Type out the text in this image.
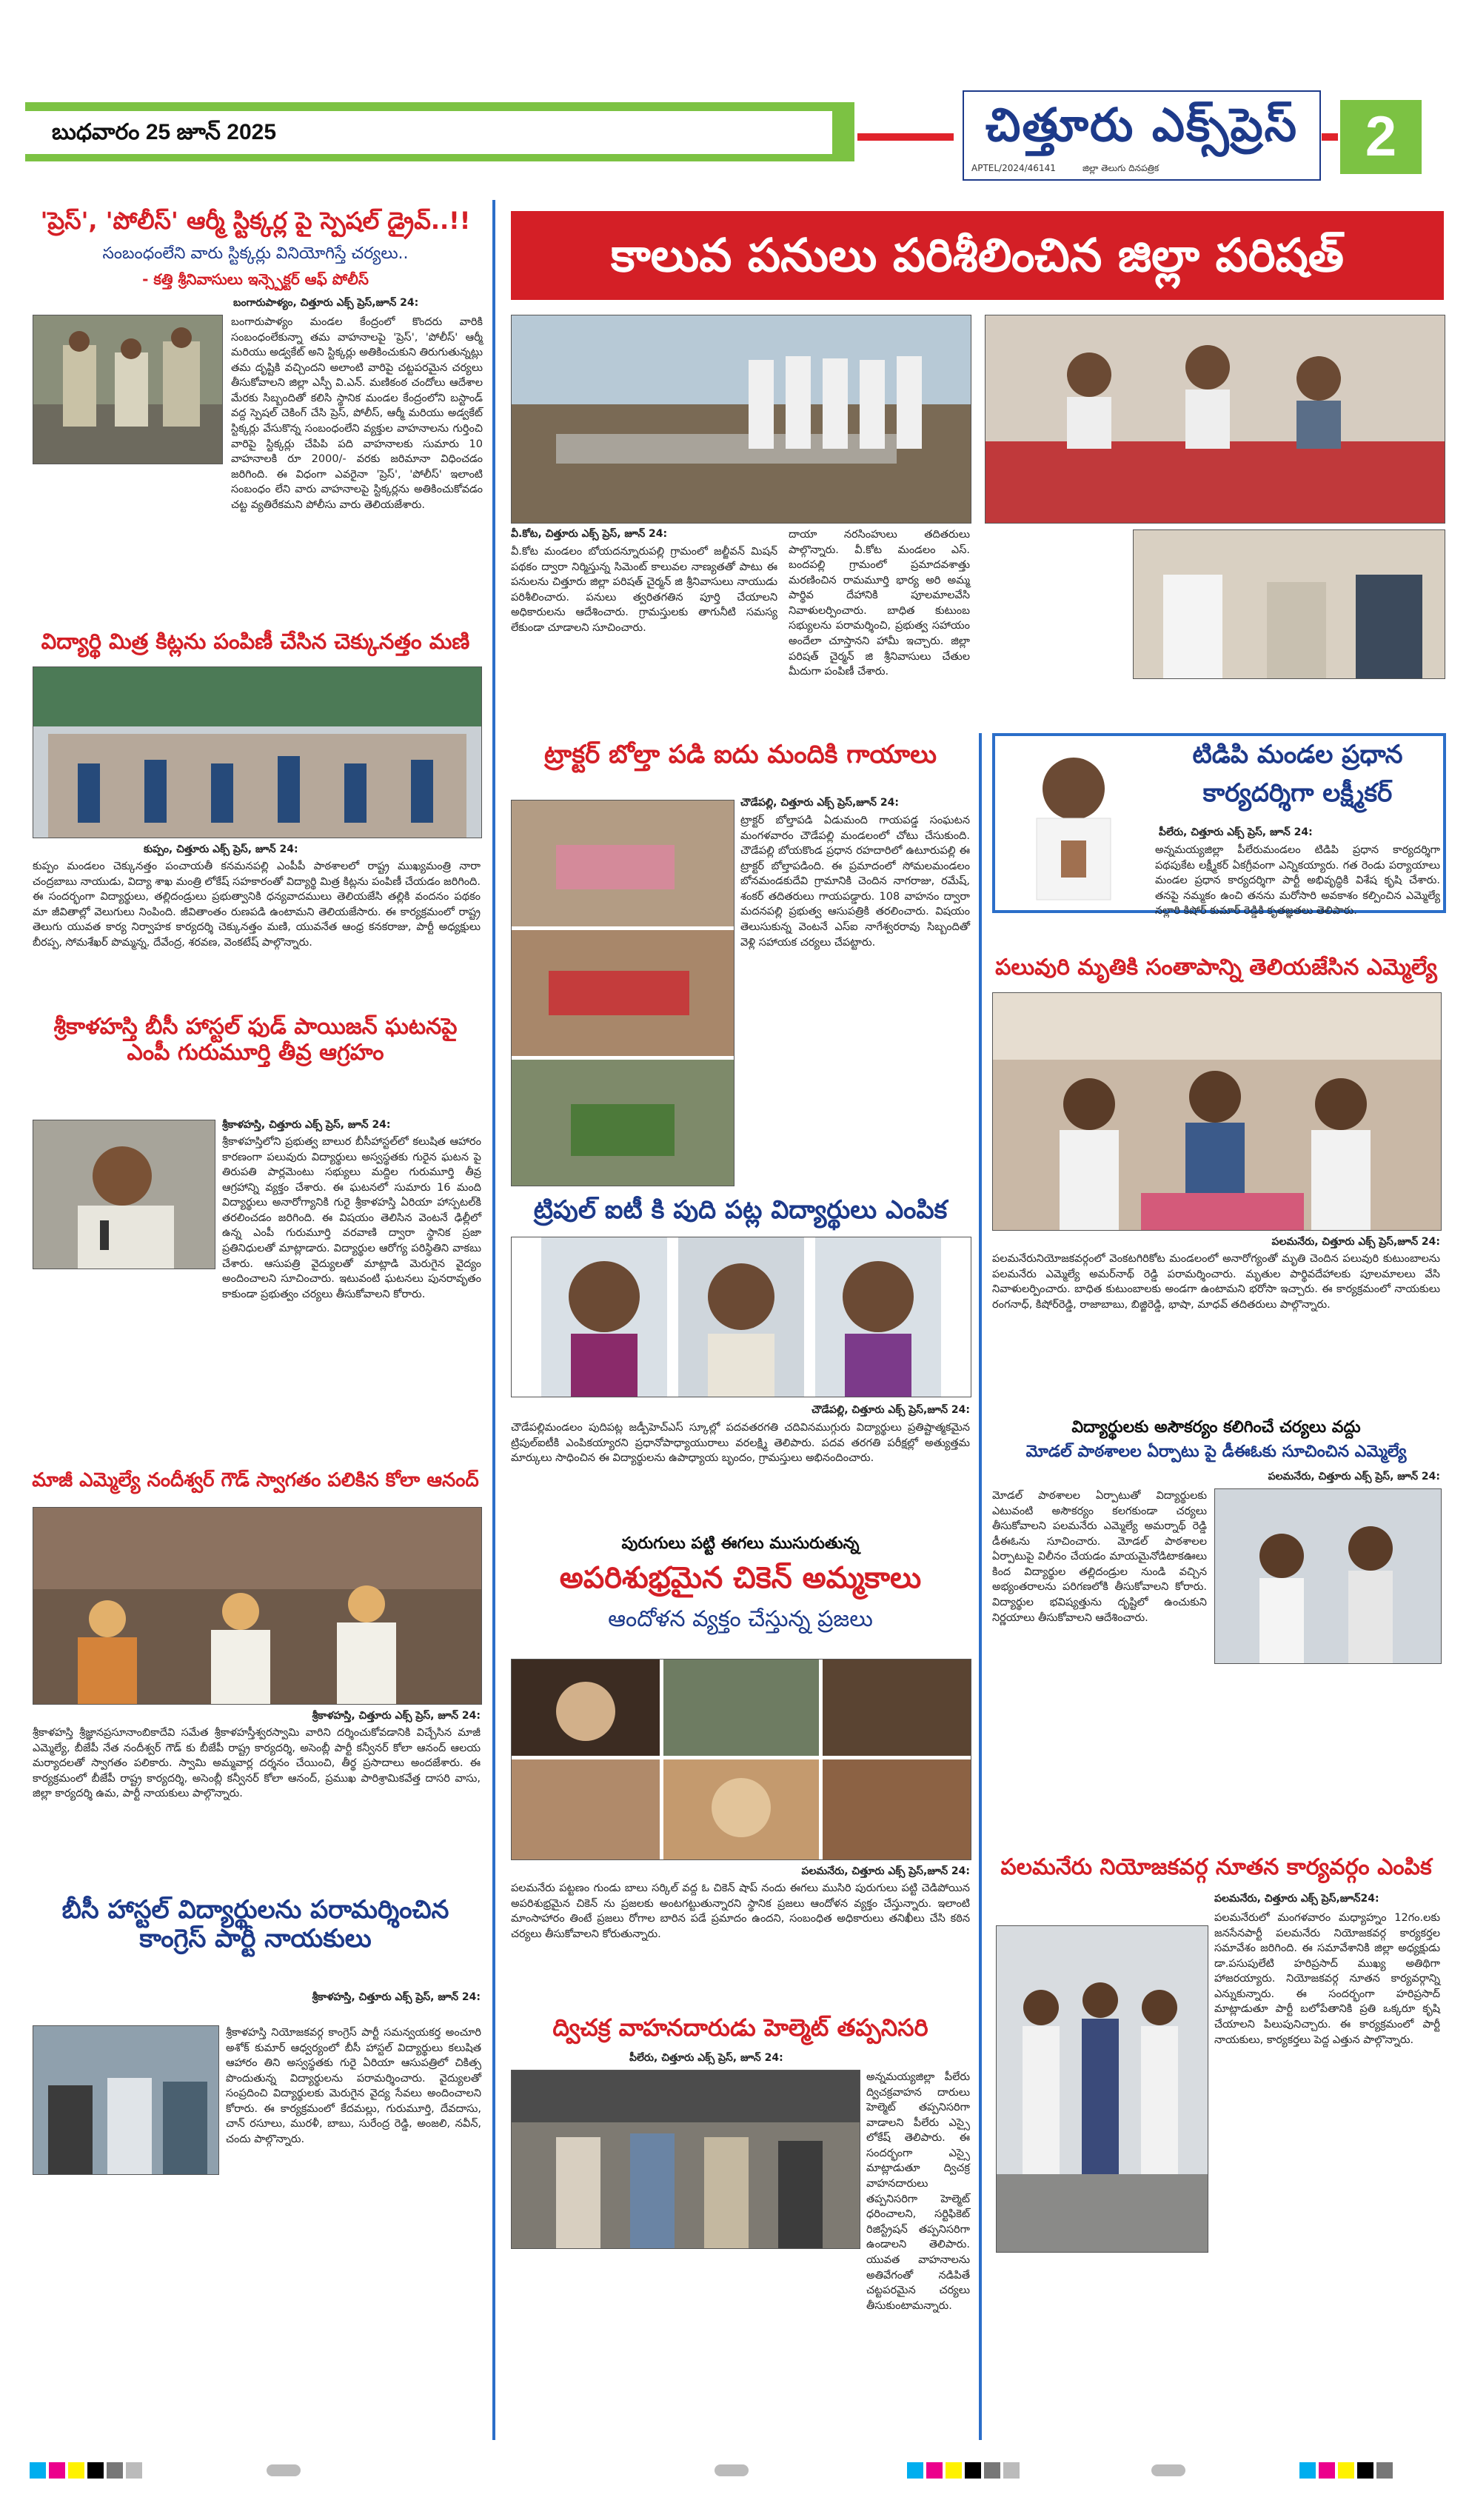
బుధవారం 25 జూన్ 2025	చిత్తూరు ఎక్స్‌ప్రెస్
APTEL/2024/46141	జిల్లా తెలుగు దినపత్రిక	2
'ప్రెస్', 'పోలీస్' ఆర్మీ స్టిక్కర్ల పై స్పెషల్ డ్రైవ్..!!
సంబంధంలేని వారు స్టిక్కర్లు వినియోగిస్తే చర్యలు..
- కత్తి శ్రీనివాసులు ఇన్స్పెక్టర్ ఆఫ్ పోలీస్
బంగారుపాళ్యం, చిత్తూరు ఎక్స్ ప్రెస్,జూన్ 24:
బంగారుపాళ్యం మండల కేంద్రంలో కొందరు వారికి సంబంధంలేకున్నా తమ వాహనాలపై 'ప్రెస్', 'పోలీస్' ఆర్మీ మరియు అడ్వకేట్ అని స్టిక్కర్లు అతికించుకుని తిరుగుతున్నట్లు తమ దృష్టికి వచ్చిందని అలాంటి వారిపై చట్టపరమైన చర్యలు తీసుకోవాలని జిల్లా ఎస్పీ వి.ఎన్. మణికంఠ చందోలు ఆదేశాల మేరకు సిబ్బందితో కలిసి స్థానిక మండల కేంద్రంలోని బస్టాండ్ వద్ద స్పెషల్ చెకింగ్ చేసి ప్రెస్, పోలీస్, ఆర్మీ మరియు అడ్వకేట్ స్టిక్కర్లు వేసుకొన్న సంబంధంలేని వ్యక్తుల వాహనాలను గుర్తించి వారిపై స్టిక్కర్లు చేపిపి పది వాహనాలకు సుమారు 10 వాహనాలకి రూ 2000/- వరకు జరిమానా విధించడం జరిగింది. ఈ విధంగా ఎవరైనా 'ప్రెస్', 'పోలీస్' ఇలాంటి సంబంధం లేని వారు వాహనాలపై స్టిక్కర్లను అతికించుకోవడం చట్ట వ్యతిరేకమని పోలీసు వారు తెలియజేశారు.
విద్యార్థి మిత్ర కిట్లను పంపిణీ చేసిన చెక్కునత్తం మణి
కుప్పం, చిత్తూరు ఎక్స్ ప్రెస్, జూన్ 24:
కుప్పం మండలం చెక్కునత్తం పంచాయతీ కనమనపల్లి ఎంపీపీ పాఠశాలలో రాష్ట్ర ముఖ్యమంత్రి నారా చంద్రబాబు నాయుడు, విద్యా శాఖ మంత్రి లోకేష్ సహకారంతో విద్యార్థి మిత్ర కిట్లను పంపిణీ చేయడం జరిగింది. ఈ సందర్భంగా విద్యార్థులు, తల్లిదండ్రులు ప్రభుత్వానికి ధన్యవాదములు తెలియజేసి తల్లికి వందనం పథకం మా జీవితాల్లో వెలుగులు నింపింది. జీవితాంతం రుణపడి ఉంటామని తెలియజేసారు. ఈ కార్యక్రమంలో రాష్ట్ర తెలుగు యువత కార్య నిర్వాహక కార్యదర్శి చెక్కునత్తం మణి, యువనేత ఆంధ్ర కనకరాజు, పార్టీ అధ్యక్షులు బీరప్ప, సోమశేఖర్ పొమ్మన్న, దేవేంద్ర, శరవణ, వెంకటేష్ పాల్గొన్నారు.
శ్రీకాళహస్తి బీసీ హాస్టల్ ఫుడ్ పాయిజన్ ఘటనపై ఎంపీ గురుమూర్తి తీవ్ర ఆగ్రహం
శ్రీకాళహస్తి, చిత్తూరు ఎక్స్ ప్రెస్, జూన్ 24:
శ్రీకాళహస్తిలోని ప్రభుత్వ బాలుర బీసీహాస్టల్‌లో కలుషిత ఆహారం కారణంగా పలువురు విద్యార్థులు అస్వస్థతకు గురైన ఘటన పై తిరుపతి పార్లమెంటు సభ్యులు మద్దిల గురుమూర్తి తీవ్ర ఆగ్రహాన్ని వ్యక్తం చేశారు. ఈ ఘటనలో సుమారు 16 మంది విద్యార్థులు అనారోగ్యానికి గురై శ్రీకాళహస్తి ఏరియా హాస్పటల్‌కి తరలించడం జరిగింది. ఈ విషయం తెలిసిన వెంటనే ఢిల్లీలో ఉన్న ఎంపీ గురుమూర్తి వరవాణి ద్వారా స్థానిక ప్రజా ప్రతినిధులతో మాట్లాడారు. విద్యార్థుల ఆరోగ్య పరిస్థితిని వాకబు చేశారు. ఆసుపత్రి వైద్యులతో మాట్లాడి మెరుగైన వైద్యం అందించాలని సూచించారు. ఇటువంటి ఘటనలు పునరావృతం కాకుండా ప్రభుత్వం చర్యలు తీసుకోవాలని కోరారు.
మాజీ ఎమ్మెల్యే నందీశ్వర్ గౌడ్ స్వాగతం పలికిన కోలా ఆనంద్
శ్రీకాళహస్తి, చిత్తూరు ఎక్స్ ప్రెస్, జూన్ 24:
శ్రీకాళహస్తి శ్రీజ్ఞానప్రసూనాంబికాదేవి సమేత శ్రీకాళహస్తీశ్వరస్వామి వారిని దర్శించుకోవడానికి విచ్చేసిన మాజీ ఎమ్మెల్యే, బీజేపీ నేత నందీశ్వర్ గౌడ్ కు బీజేపీ రాష్ట్ర కార్యదర్శి, అసెంబ్లీ పార్టీ కన్వీనర్ కోలా ఆనంద్ ఆలయ మర్యాదలతో స్వాగతం పలికారు. స్వామి అమ్మవార్ల దర్శనం చేయించి, తీర్థ ప్రసాదాలు అందజేశారు. ఈ కార్యక్రమంలో బీజేపీ రాష్ట్ర కార్యదర్శి, అసెంబ్లీ కన్వీనర్ కోలా ఆనంద్, ప్రముఖ పారిశ్రామికవేత్త దాసరి వాసు, జిల్లా కార్యదర్శి ఉమ, పార్టీ నాయకులు పాల్గొన్నారు.
బీసీ హాస్టల్ విద్యార్థులను పరామర్శించిన కాంగ్రెస్ పార్టీ నాయకులు
శ్రీకాళహస్తి, చిత్తూరు ఎక్స్ ప్రెస్, జూన్ 24:
శ్రీకాళహస్తి నియోజకవర్గ కాంగ్రెస్ పార్టీ సమన్వయకర్త అంచూరి అశోక్ కుమార్ ఆధ్వర్యంలో బీసీ హాస్టల్ విద్యార్థులు కలుషిత ఆహారం తిని అస్వస్థతకు గురై ఏరియా ఆసుపత్రిలో చికిత్స పొందుతున్న విద్యార్థులను పరామర్శించారు. వైద్యులతో సంప్రదించి విద్యార్థులకు మెరుగైన వైద్య సేవలు అందించాలని కోరారు. ఈ కార్యక్రమంలో కేదమల్లు, గురుమూర్తి, దేవదాసు, చాన్ రసూలు, మురళీ, బాబు, సురేంద్ర రెడ్డి, అంజలి, నవీన్, చందు పాల్గొన్నారు.
కాలువ పనులు పరిశీలించిన జిల్లా పరిషత్
వీ.కోట, చిత్తూరు ఎక్స్ ప్రెస్, జూన్ 24:
వీ.కోట మండలం బోయదన్నూరుపల్లి గ్రామంలో జల్జీవన్ మిషన్ పథకం ద్వారా నిర్మిస్తున్న సిమెంట్ కాలువల నాణ్యతతో పాటు ఈ పనులను చిత్తూరు జిల్లా పరిషత్ చైర్మన్ జి శ్రీనివాసులు నాయుడు పరిశీలించారు. పనులు త్వరితగతిన పూర్తి చేయాలని అధికారులను ఆదేశించారు. గ్రామస్తులకు తాగునీటి సమస్య లేకుండా చూడాలని సూచించారు.
దాయా నరసింహులు తదితరులు పాల్గొన్నారు. వీ.కోట మండలం ఎస్. బందపల్లి గ్రామంలో ప్రమాదవశాత్తు మరణించిన రామమూర్తి భార్య అరి అమ్మ పార్థివ దేహానికి పూలమాలవేసి నివాళులర్పించారు. బాధిత కుటుంబ సభ్యులను పరామర్శించి, ప్రభుత్వ సహాయం అందేలా చూస్తానని హామీ ఇచ్చారు. జిల్లా పరిషత్ చైర్మన్ జి శ్రీనివాసులు చేతుల మీదుగా పంపిణీ చేశారు.
ట్రాక్టర్ బోల్తా పడి ఐదు మందికి గాయాలు
చౌడేపల్లి, చిత్తూరు ఎక్స్ ప్రెస్,జూన్ 24:
ట్రాక్టర్ బోల్తాపడి ఏడుమంది గాయపడ్డ సంఘటన మంగళవారం చౌడేపల్లి మండలంలో చోటు చేసుకుంది. చౌడేపల్లి బోయకొండ ప్రధాన రహదారిలో ఉటూరుపల్లి ఈ ట్రాక్టర్ బోల్తాపడింది. ఈ ప్రమాదంలో సోమలమండలం బోనమండకుదేవి గ్రామానికి చెందిన నాగరాజు, రమేష్, శంకర్ తదితరులు గాయపడ్డారు. 108 వాహనం ద్వారా మదనపల్లి ప్రభుత్వ ఆసుపత్రికి తరలించారు. విషయం తెలుసుకున్న వెంటనే ఎస్ఐ నాగేశ్వరరావు సిబ్బందితో వెళ్లి సహాయక చర్యలు చేపట్టారు.
ట్రిపుల్ ఐటీ కి పుది పట్ల విద్యార్థులు ఎంపిక
చౌడేపల్లి, చిత్తూరు ఎక్స్ ప్రెస్,జూన్ 24:
చౌడేపల్లిమండలం పుదిపట్ల జడ్పీహెచ్ఎస్ స్కూల్లో పదవతరగతి చదివినముగ్గురు విద్యార్థులు ప్రతిష్టాత్మకమైన ట్రిపుల్ఐటీకి ఎంపికయ్యారని ప్రధానోపాధ్యాయురాలు వరలక్ష్మి తెలిపారు. పదవ తరగతి పరీక్షల్లో అత్యుత్తమ మార్కులు సాధించిన ఈ విద్యార్థులను ఉపాధ్యాయ బృందం, గ్రామస్తులు అభినందించారు.
పురుగులు పట్టి ఈగలు ముసురుతున్న
అపరిశుభ్రమైన చికెన్ అమ్మకాలు
ఆందోళన వ్యక్తం చేస్తున్న ప్రజలు
పలమనేరు, చిత్తూరు ఎక్స్ ప్రెస్,జూన్ 24:
పలమనేరు పట్టణం గుండు బాలు సర్కిల్ వద్ద ఓ చికెన్ షాప్ నందు ఈగలు ముసిరి పురుగులు పట్టి చెడిపోయిన అపరిశుభ్రమైన చికెన్ ను ప్రజలకు అంటగట్టుతున్నారని స్థానిక ప్రజలు ఆందోళన వ్యక్తం చేస్తున్నారు. ఇలాంటి మాంసాహారం తింటే ప్రజలు రోగాల బారిన పడే ప్రమాదం ఉందని, సంబంధిత అధికారులు తనిఖీలు చేసి కఠిన చర్యలు తీసుకోవాలని కోరుతున్నారు.
ద్విచక్ర వాహనదారుడు హెల్మెట్ తప్పనిసరి
పీలేరు, చిత్తూరు ఎక్స్ ప్రెస్, జూన్ 24:
అన్నమయ్యజిల్లా పీలేరు ద్విచక్రవాహన దారులు హెల్మెట్ తప్పనిసరిగా వాడాలని పీలేరు ఎస్సై లోకేష్ తెలిపారు. ఈ సందర్భంగా ఎస్సై మాట్లాడుతూ ద్విచక్ర వాహనదారులు తప్పనిసరిగా హెల్మెట్ ధరించాలని, సర్టిఫికెట్ రిజిస్ట్రేషన్ తప్పనిసరిగా ఉండాలని తెలిపారు. యువత వాహనాలను అతివేగంతో నడిపితే చట్టపరమైన చర్యలు తీసుకుంటామన్నారు.
టిడిపి మండల ప్రధాన
కార్యదర్శిగా లక్ష్మీకర్
పీలేరు, చిత్తూరు ఎక్స్ ప్రెస్, జూన్ 24:
అన్నమయ్యజిల్లా పీలేరుమండలం టిడిపి ప్రధాన కార్యదర్శిగా పథపుకేట లక్ష్మీకర్ ఏకగ్రీవంగా ఎన్నికయ్యారు. గత రెండు పర్యాయాలు మండల ప్రధాన కార్యదర్శిగా పార్టీ అభివృద్ధికి విశేష కృషి చేశారు. తనపై నమ్మకం ఉంచి తనను మరోసారి అవకాశం కల్పించిన ఎమ్మెల్యే నల్లారి కిషోర్ కుమార్ రెడ్డికి కృతజ్ఞతలు తెలిపారు.
పలువురి మృతికి సంతాపాన్ని తెలియజేసిన ఎమ్మెల్యే
పలమనేరు, చిత్తూరు ఎక్స్ ప్రెస్,జూన్ 24:
పలమనేరునియోజకవర్గంలో వెంకటగిరికోట మండలంలో అనారోగ్యంతో మృతి చెందిన పలువురి కుటుంబాలను పలమనేరు ఎమ్మెల్యే అమర్‌నాథ్ రెడ్డి పరామర్శించారు. మృతుల పార్థివదేహాలకు పూలమాలలు వేసి నివాళులర్పించారు. బాధిత కుటుంబాలకు అండగా ఉంటామని భరోసా ఇచ్చారు. ఈ కార్యక్రమంలో నాయకులు రంగనాధ్, కిషోర్‌రెడ్డి, రాజాబాబు, బిజ్జిరెడ్డి, భాషా, మాధవ్ తదితరులు పాల్గొన్నారు.
విద్యార్థులకు అసౌకర్యం కలిగించే చర్యలు వద్దు
మోడల్ పాఠశాలల ఏర్పాటు పై డీఈఓకు సూచించిన ఎమ్మెల్యే
పలమనేరు, చిత్తూరు ఎక్స్ ప్రెస్, జూన్ 24:
మోడల్ పాఠశాలల ఏర్పాటుతో విద్యార్థులకు ఎటువంటి అసౌకర్యం కలగకుండా చర్యలు తీసుకోవాలని పలమనేరు ఎమ్మెల్యే అమర్నాథ్ రెడ్డి డీఈఓను సూచించారు. మోడల్ పాఠశాలల ఏర్పాటుపై విలీనం చేయడం మాయమైనోడిటాకఊలు కింద విద్యార్థుల తల్లిదండ్రుల నుండి వచ్చిన అభ్యంతరాలను పరిగణలోకి తీసుకోవాలని కోరారు. విద్యార్థుల భవిష్యత్తును దృష్టిలో ఉంచుకుని నిర్ణయాలు తీసుకోవాలని ఆదేశించారు.
పలమనేరు నియోజకవర్గ నూతన కార్యవర్గం ఎంపిక
పలమనేరు, చిత్తూరు ఎక్స్ ప్రెస్,జూన్24:
పలమనేరులో మంగళవారం మధ్యాహ్నం 12గం.లకు జనసేనపార్టీ పలమనేరు నియోజకవర్గ కార్యకర్తల సమావేశం జరిగింది. ఈ సమావేశానికి జిల్లా అధ్యక్షుడు డా.పసుపులేటి హరిప్రసాద్ ముఖ్య అతిథిగా హాజరయ్యారు. నియోజకవర్గ నూతన కార్యవర్గాన్ని ఎన్నుకున్నారు. ఈ సందర్భంగా హరిప్రసాద్ మాట్లాడుతూ పార్టీ బలోపేతానికి ప్రతి ఒక్కరూ కృషి చేయాలని పిలుపునిచ్చారు. ఈ కార్యక్రమంలో పార్టీ నాయకులు, కార్యకర్తలు పెద్ద ఎత్తున పాల్గొన్నారు.
